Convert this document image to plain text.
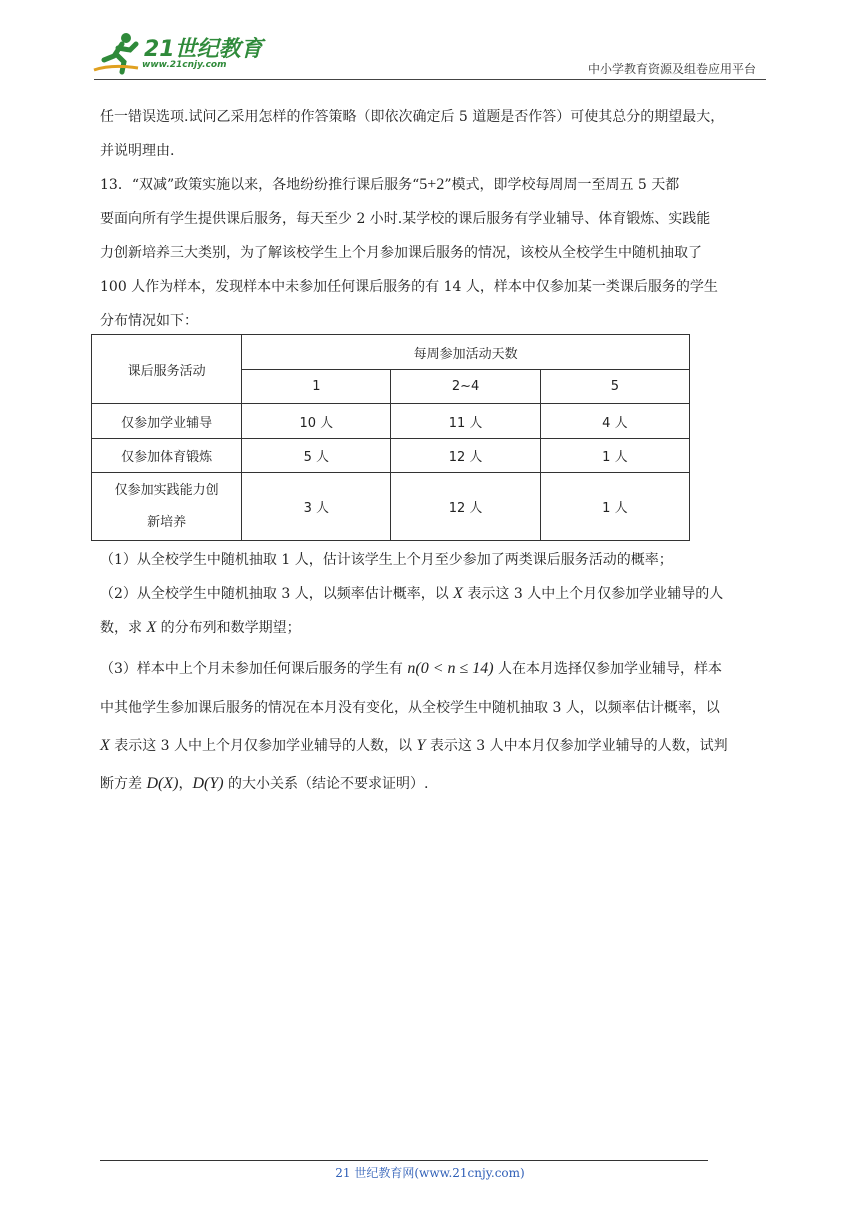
21世纪教育
www.21cnjy.com	中小学教育资源及组卷应用平台

任一错误选项.试问乙采用怎样的作答策略（即依次确定后 5 道题是否作答）可使其总分的期望最大，

并说明理由.

13．“双减”政策实施以来，各地纷纷推行课后服务“5+2”模式，即学校每周周一至周五 5 天都

要面向所有学生提供课后服务，每天至少 2 小时.某学校的课后服务有学业辅导、体育锻炼、实践能

力创新培养三大类别，为了解该校学生上个月参加课后服务的情况，该校从全校学生中随机抽取了

100 人作为样本，发现样本中未参加任何课后服务的有 14 人，样本中仅参加某一类课后服务的学生

分布情况如下：

课后服务活动	每周参加活动天数		
	1	2~4	5
仅参加学业辅导	10 人	11 人	4 人
仅参加体育锻炼	5 人	12 人	1 人
仅参加实践能力创
新培养	3 人	12 人	1 人

（1）从全校学生中随机抽取 1 人，估计该学生上个月至少参加了两类课后服务活动的概率；

（2）从全校学生中随机抽取 3 人，以频率估计概率，以 X 表示这 3 人中上个月仅参加学业辅导的人

数，求 X 的分布列和数学期望；

（3）样本中上个月未参加任何课后服务的学生有 n(0 < n ≤ 14) 人在本月选择仅参加学业辅导，样本

中其他学生参加课后服务的情况在本月没有变化，从全校学生中随机抽取 3 人，以频率估计概率，以

X 表示这 3 人中上个月仅参加学业辅导的人数，以 Y 表示这 3 人中本月仅参加学业辅导的人数，试判

断方差 D(X)，D(Y) 的大小关系（结论不要求证明）.

21 世纪教育网(www.21cnjy.com)
